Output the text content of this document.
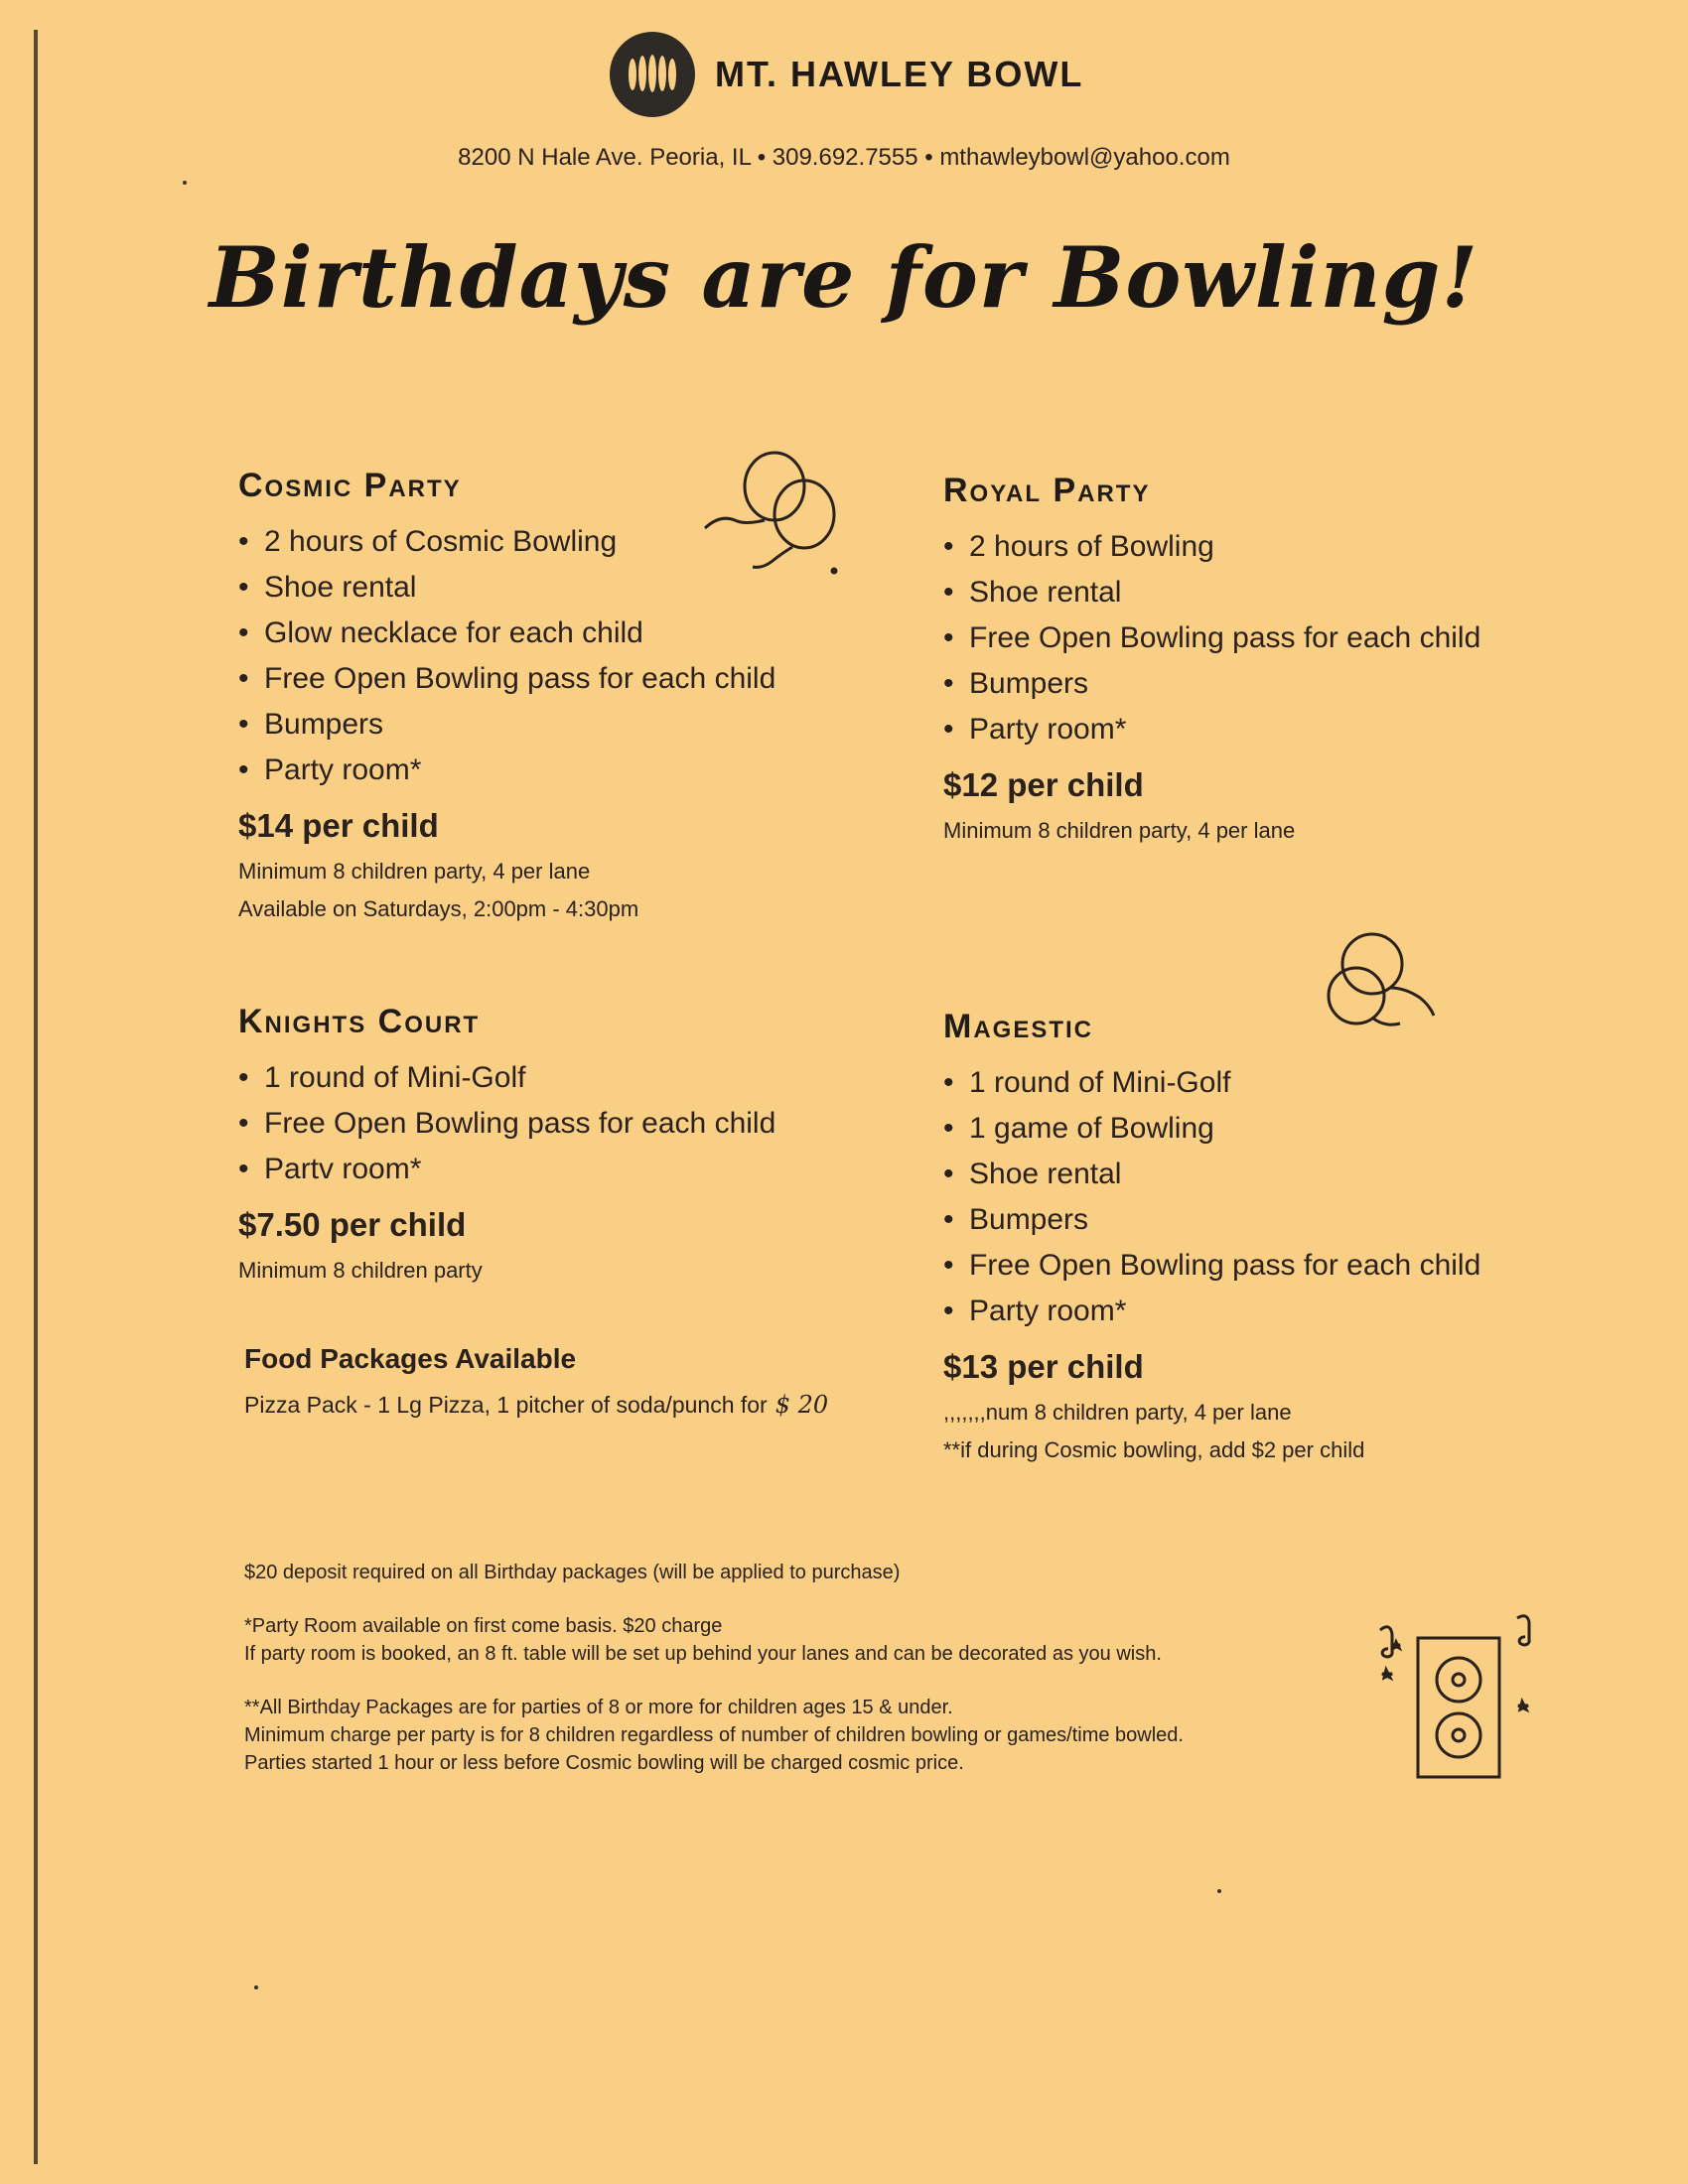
MT. HAWLEY BOWL
8200 N Hale Ave. Peoria, IL • 309.692.7555 • mthawleybowl@yahoo.com
Birthdays are for Bowling!
Cosmic Party
• 2 hours of Cosmic Bowling
• Shoe rental
• Glow necklace for each child
• Free Open Bowling pass for each child
• Bumpers
• Party room*
$14 per child
Minimum 8 children party, 4 per lane
Available on Saturdays, 2:00pm - 4:30pm
Royal Party
• 2 hours of Bowling
• Shoe rental
• Free Open Bowling pass for each child
• Bumpers
• Party room*
$12 per child
Minimum 8 children party, 4 per lane
Knights Court
• 1 round of Mini-Golf
• Free Open Bowling pass for each child
• Partv room*
$7.50 per child
Minimum 8 children party
Magestic
• 1 round of Mini-Golf
• 1 game of Bowling
• Shoe rental
• Bumpers
• Free Open Bowling pass for each child
• Party room*
$13 per child
,,,,,,,num 8 children party, 4 per lane
**if during Cosmic bowling, add $2 per child
Food Packages Available
Pizza Pack - 1 Lg Pizza, 1 pitcher of soda/punch for $ 20

$20 deposit required on all Birthday packages (will be applied to purchase)

*Party Room available on first come basis. $20 charge
If party room is booked, an 8 ft. table will be set up behind your lanes and can be decorated as you wish.

**All Birthday Packages are for parties of 8 or more for children ages 15 & under.
Minimum charge per party is for 8 children regardless of number of children bowling or games/time bowled.
Parties started 1 hour or less before Cosmic bowling will be charged cosmic price.
